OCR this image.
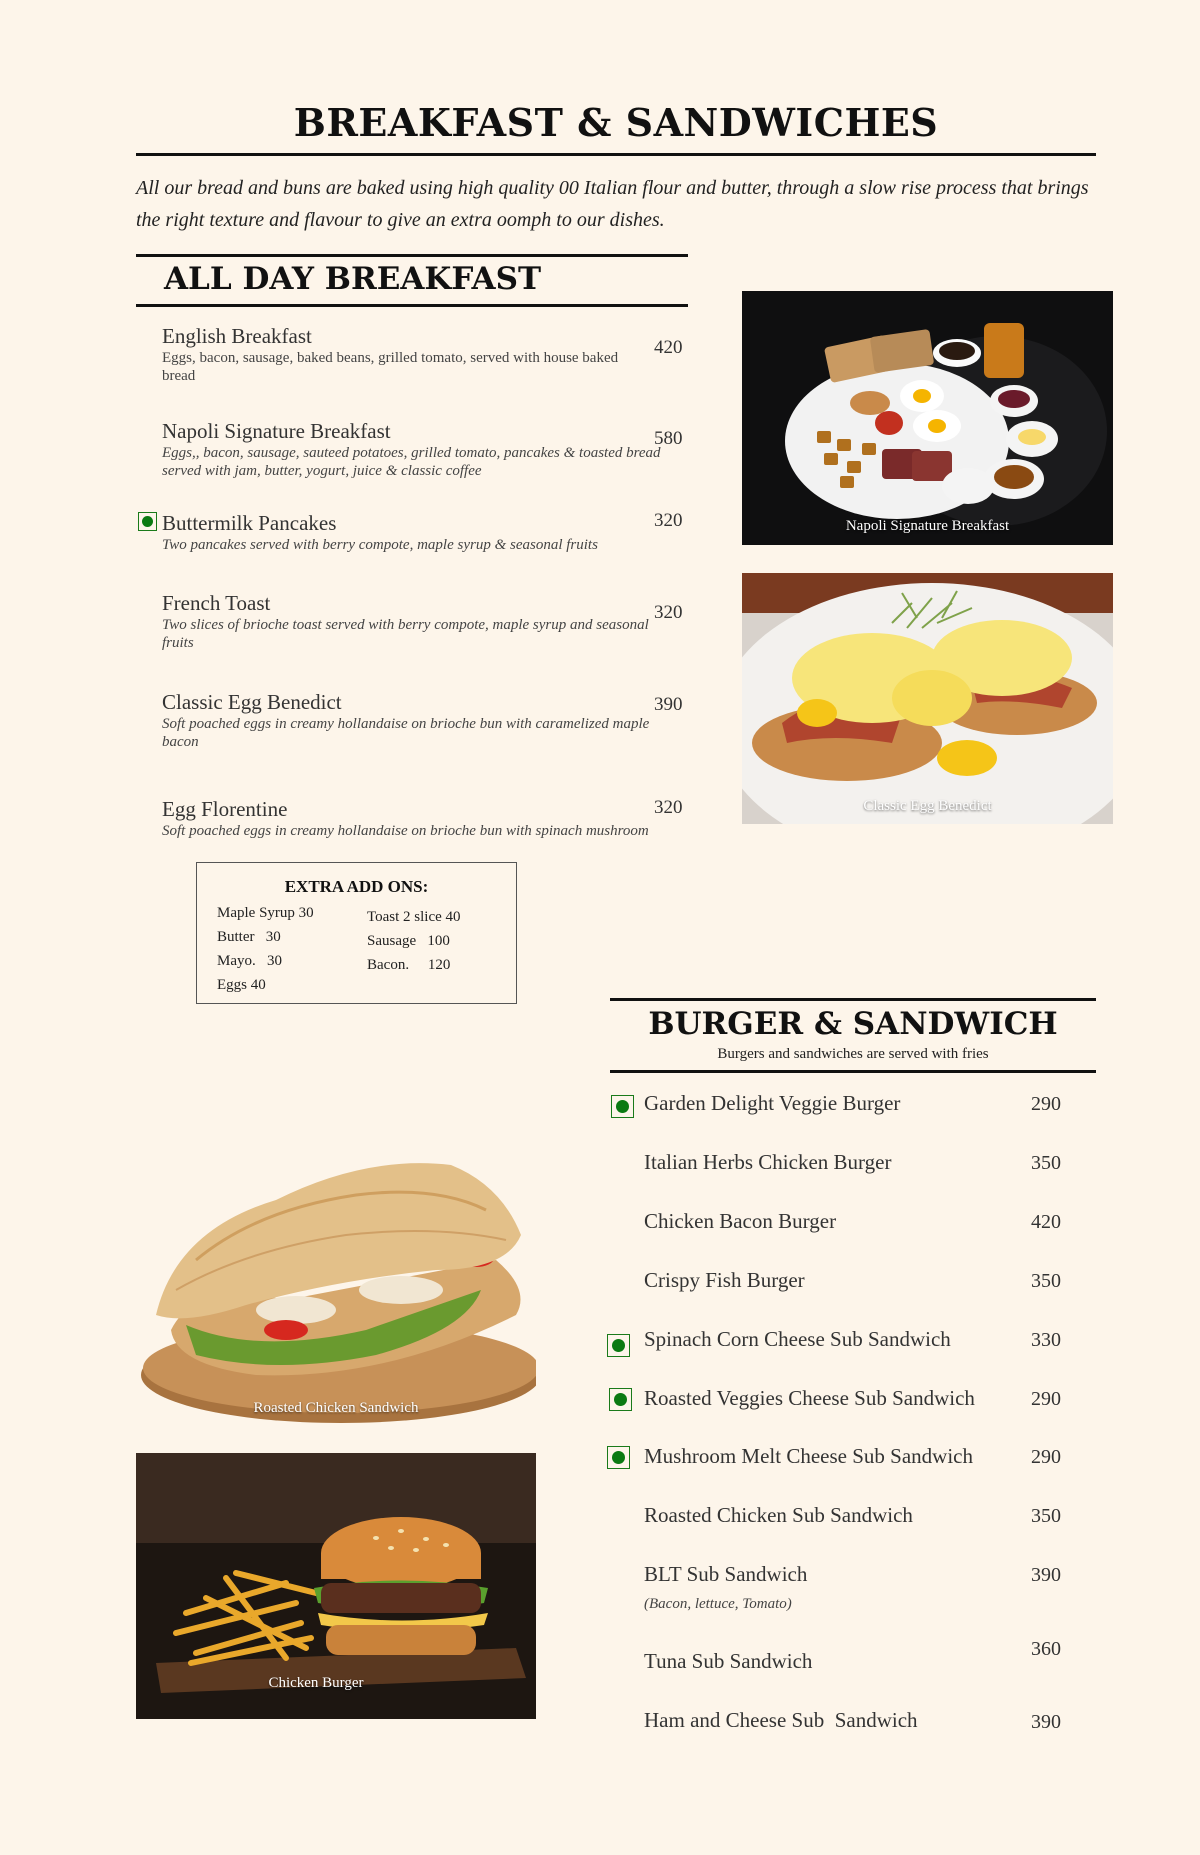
BREAKFAST & SANDWICHES
All our bread and buns are baked using high quality 00 Italian flour and butter, through a slow rise process that brings the right texture and flavour to give an extra oomph to our dishes.
ALL DAY BREAKFAST
English Breakfast
Eggs, bacon, sausage, baked beans, grilled tomato, served with house baked bread
420
Napoli Signature Breakfast
Eggs,, bacon, sausage, sauteed potatoes, grilled tomato, pancakes & toasted bread served with jam, butter, yogurt, juice & classic coffee
580
Buttermilk Pancakes
Two pancakes served with berry compote, maple syrup & seasonal fruits
320
French Toast
Two slices of brioche toast served with berry compote, maple syrup and seasonal fruits
320
Classic Egg Benedict
Soft poached eggs in creamy hollandaise on brioche bun with caramelized maple bacon
390
Egg Florentine
Soft poached eggs in creamy hollandaise on brioche bun with spinach mushroom
320
EXTRA ADD ONS:
Maple Syrup 30
Butter   30
Mayo.   30
Eggs 40
Toast 2 slice 40
Sausage   100
Bacon.     120
Napoli Signature Breakfast
Classic Egg Benedict
BURGER & SANDWICH
Burgers and sandwiches are served with fries
Garden Delight Veggie Burger	290
Italian Herbs Chicken Burger	350
Chicken Bacon Burger	420
Crispy Fish Burger	350
Spinach Corn Cheese Sub Sandwich	330
Roasted Veggies Cheese Sub Sandwich	290
Mushroom Melt Cheese Sub Sandwich	290
Roasted Chicken Sub Sandwich	350
BLT Sub Sandwich
(Bacon, lettuce, Tomato)
390
Tuna Sub Sandwich	360
Ham and Cheese Sub  Sandwich	390
Roasted Chicken Sandwich
Chicken Burger
